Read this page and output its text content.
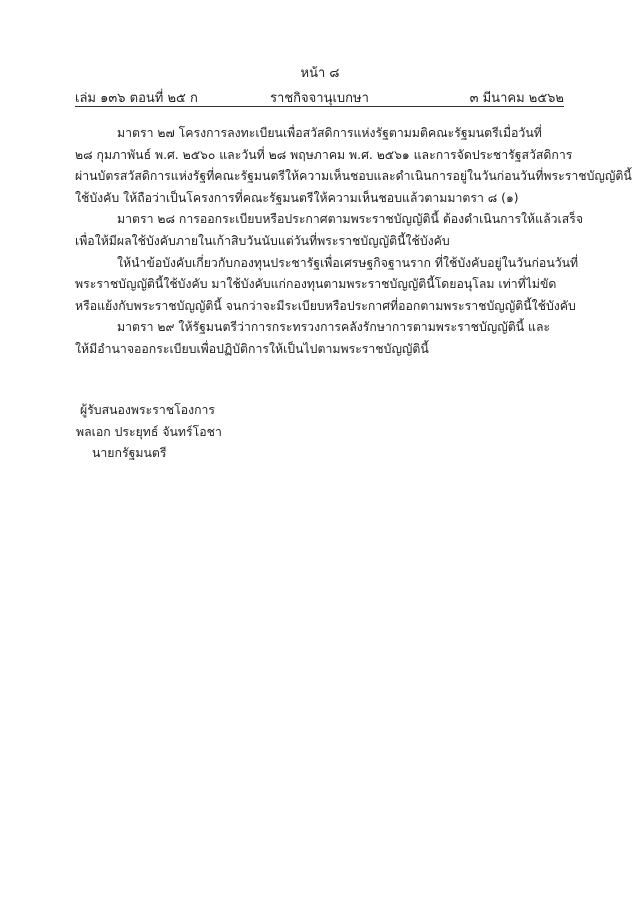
หน้า ๘
เล่ม ๑๓๖ ตอนที่ ๒๕ ก	ราชกิจจานุเบกษา	๓ มีนาคม ๒๕๖๒
มาตรา ๒๗ โครงการลงทะเบียนเพื่อสวัสดิการแห่งรัฐตามมติคณะรัฐมนตรีเมื่อวันที่
๒๘ กุมภาพันธ์ พ.ศ. ๒๕๖๐ และวันที่ ๒๘ พฤษภาคม พ.ศ. ๒๕๖๑ และการจัดประชารัฐสวัสดิการ
ผ่านบัตรสวัสดิการแห่งรัฐที่คณะรัฐมนตรีให้ความเห็นชอบและดำเนินการอยู่ในวันก่อนวันที่พระราชบัญญัตินี้
ใช้บังคับ ให้ถือว่าเป็นโครงการที่คณะรัฐมนตรีให้ความเห็นชอบแล้วตามมาตรา ๘ (๑)
มาตรา ๒๘ การออกระเบียบหรือประกาศตามพระราชบัญญัตินี้ ต้องดำเนินการให้แล้วเสร็จ
เพื่อให้มีผลใช้บังคับภายในเก้าสิบวันนับแต่วันที่พระราชบัญญัตินี้ใช้บังคับ
ให้นำข้อบังคับเกี่ยวกับกองทุนประชารัฐเพื่อเศรษฐกิจฐานราก ที่ใช้บังคับอยู่ในวันก่อนวันที่
พระราชบัญญัตินี้ใช้บังคับ มาใช้บังคับแก่กองทุนตามพระราชบัญญัตินี้โดยอนุโลม เท่าที่ไม่ขัด
หรือแย้งกับพระราชบัญญัตินี้ จนกว่าจะมีระเบียบหรือประกาศที่ออกตามพระราชบัญญัตินี้ใช้บังคับ
มาตรา ๒๙ ให้รัฐมนตรีว่าการกระทรวงการคลังรักษาการตามพระราชบัญญัตินี้ และ
ให้มีอำนาจออกระเบียบเพื่อปฏิบัติการให้เป็นไปตามพระราชบัญญัตินี้
ผู้รับสนองพระราชโองการ
พลเอก ประยุทธ์ จันทร์โอชา
นายกรัฐมนตรี
